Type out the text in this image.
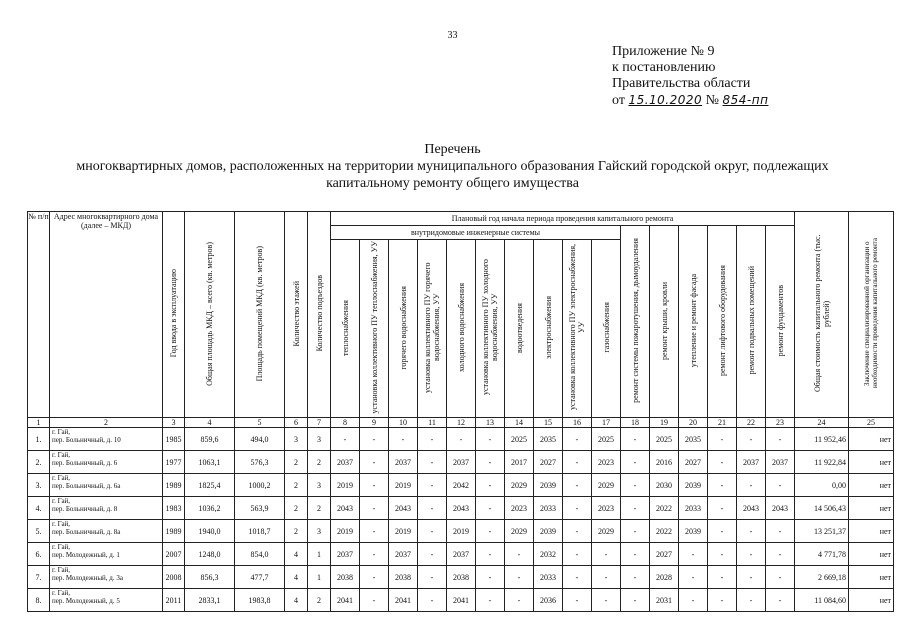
33
Приложение № 9
к постановлению
Правительства области
от 15.10.2020 № 854-пп
Перечень
многоквартирных домов, расположенных на территории муниципального образования Гайский городской округ, подлежащих
капитальному ремонту общего имущества
№ п/п	Адрес многоквартирного дома (далее – МКД)	Год ввода в эксплуатацию	Общая площадь МКД – всего (кв. метров)	Площадь помещений МКД (кв. метров)	Количество этажей	Количество подъездов	Плановый год начала периода проведения капитального ремонта																Общая стоимость капитального ремонта (тыс. рублей)	Заключение специализированной организации о необходимости проведения капитального ремонта
							внутридомовые инженерные системы										ремонт системы пожаротушения, дымоудаления	ремонт крыши, кровли	утепление и ремонт фасада	ремонт лифтового оборудования	ремонт подвальных помещений	ремонт фундаментов		
							теплоснабжения	установка коллективного ПУ теплоснабжения, УУ	горячего водоснабжения	установка коллективного ПУ горячего водоснабжения, УУ	холодного водоснабжения	установка коллективного ПУ холодного водоснабжения, УУ	водоотведения	электроснабжения	установка коллективного ПУ электроснабжения, УУ	газоснабжения								
1	2	3	4	5	6	7	8	9	10	11	12	13	14	15	16	17	18	19	20	21	22	23	24	25
1.	г. Гай,
пер. Больничный, д. 10	1985	859,6	494,0	3	3	-	-	-	-	-	-	2025	2035	-	2025	-	2025	2035	-	-	-	11 952,46	нет
2.	г. Гай,
пер. Больничный, д. 6	1977	1063,1	576,3	2	2	2037	-	2037	-	2037	-	2017	2027	-	2023	-	2016	2027	-	2037	2037	11 922,84	нет
3.	г. Гай,
пер. Больничный, д. 6а	1989	1825,4	1000,2	2	3	2019	-	2019	-	2042	-	2029	2039	-	2029	-	2030	2039	-	-	-	0,00	нет
4.	г. Гай,
пер. Больничный, д. 8	1983	1036,2	563,9	2	2	2043	-	2043	-	2043	-	2023	2033	-	2023	-	2022	2033	-	2043	2043	14 506,43	нет
5.	г. Гай,
пер. Больничный, д. 8а	1989	1940,0	1018,7	2	3	2019	-	2019	-	2019	-	2029	2039	-	2029	-	2022	2039	-	-	-	13 251,37	нет
6.	г. Гай,
пер. Молодежный, д. 1	2007	1248,0	854,0	4	1	2037	-	2037	-	2037	-	-	2032	-	-	-	2027	-	-	-	-	4 771,78	нет
7.	г. Гай,
пер. Молодежный, д. 3а	2008	856,3	477,7	4	1	2038	-	2038	-	2038	-	-	2033	-	-	-	2028	-	-	-	-	2 669,18	нет
8.	г. Гай,
пер. Молодежный, д. 5	2011	2833,1	1983,8	4	2	2041	-	2041	-	2041	-	-	2036	-	-	-	2031	-	-	-	-	11 084,60	нет
